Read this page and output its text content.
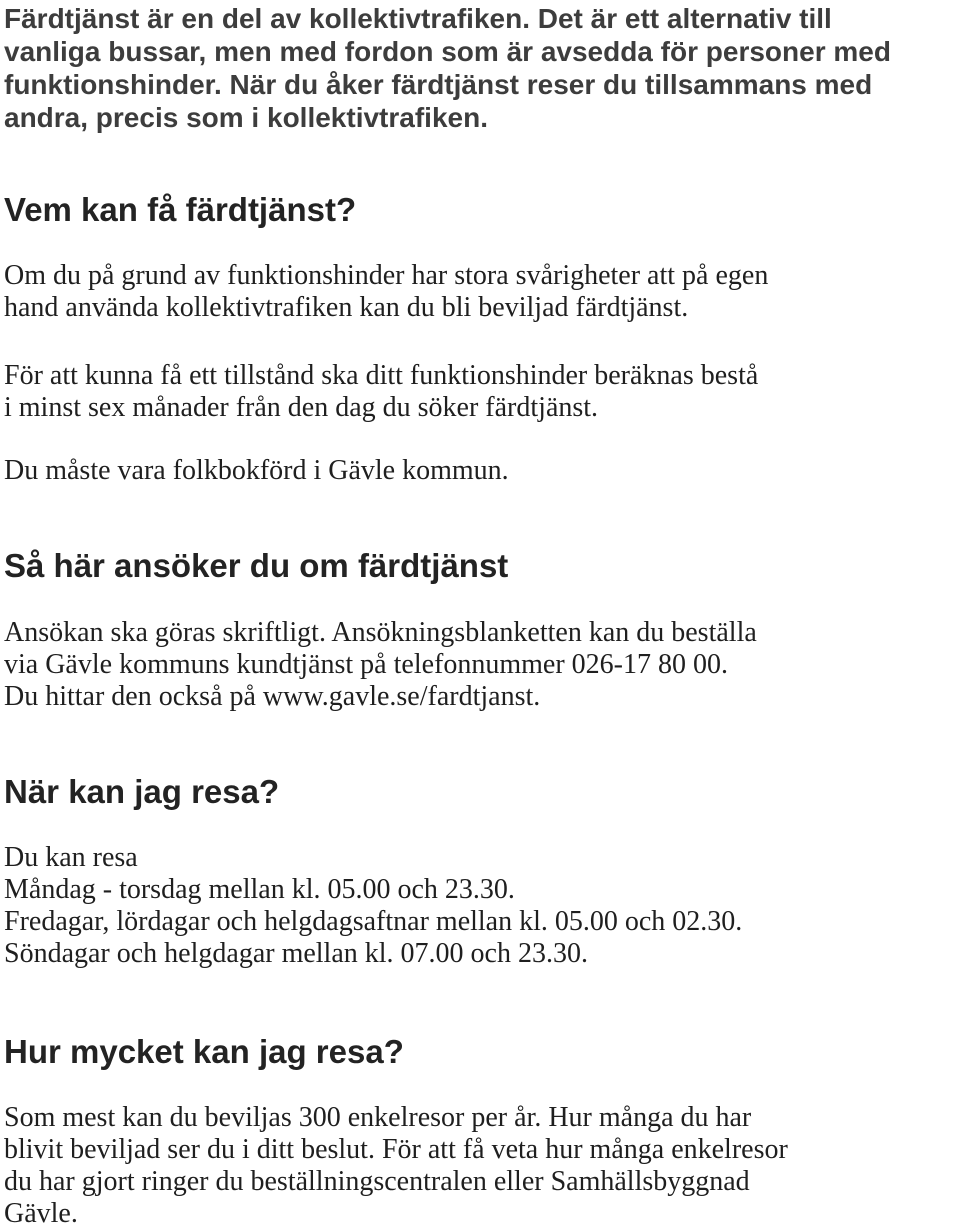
Färdtjänst är en del av kollektivtrafiken. Det är ett alternativ till
vanliga bussar, men med fordon som är avsedda för personer med
funktionshinder. När du åker färdtjänst reser du tillsammans med
andra, precis som i kollektivtrafiken.
Vem kan få färdtjänst?
Om du på grund av funktionshinder har stora svårigheter att på egen
hand använda kollektivtrafiken kan du bli beviljad färdtjänst.
För att kunna få ett tillstånd ska ditt funktionshinder beräknas bestå
i minst sex månader från den dag du söker färdtjänst.
Du måste vara folkbokförd i Gävle kommun.
Så här ansöker du om färdtjänst
Ansökan ska göras skriftligt. Ansökningsblanketten kan du beställa
via Gävle kommuns kundtjänst på telefonnummer 026-17 80 00.
Du hittar den också på www.gavle.se/fardtjanst.
När kan jag resa?
Du kan resa
Måndag - torsdag mellan kl. 05.00 och 23.30.
Fredagar, lördagar och helgdagsaftnar mellan kl. 05.00 och 02.30.
Söndagar och helgdagar mellan kl. 07.00 och 23.30.
Hur mycket kan jag resa?
Som mest kan du beviljas 300 enkelresor per år. Hur många du har
blivit beviljad ser du i ditt beslut. För att få veta hur många enkelresor
du har gjort ringer du beställningscentralen eller Samhällsbyggnad
Gävle.
